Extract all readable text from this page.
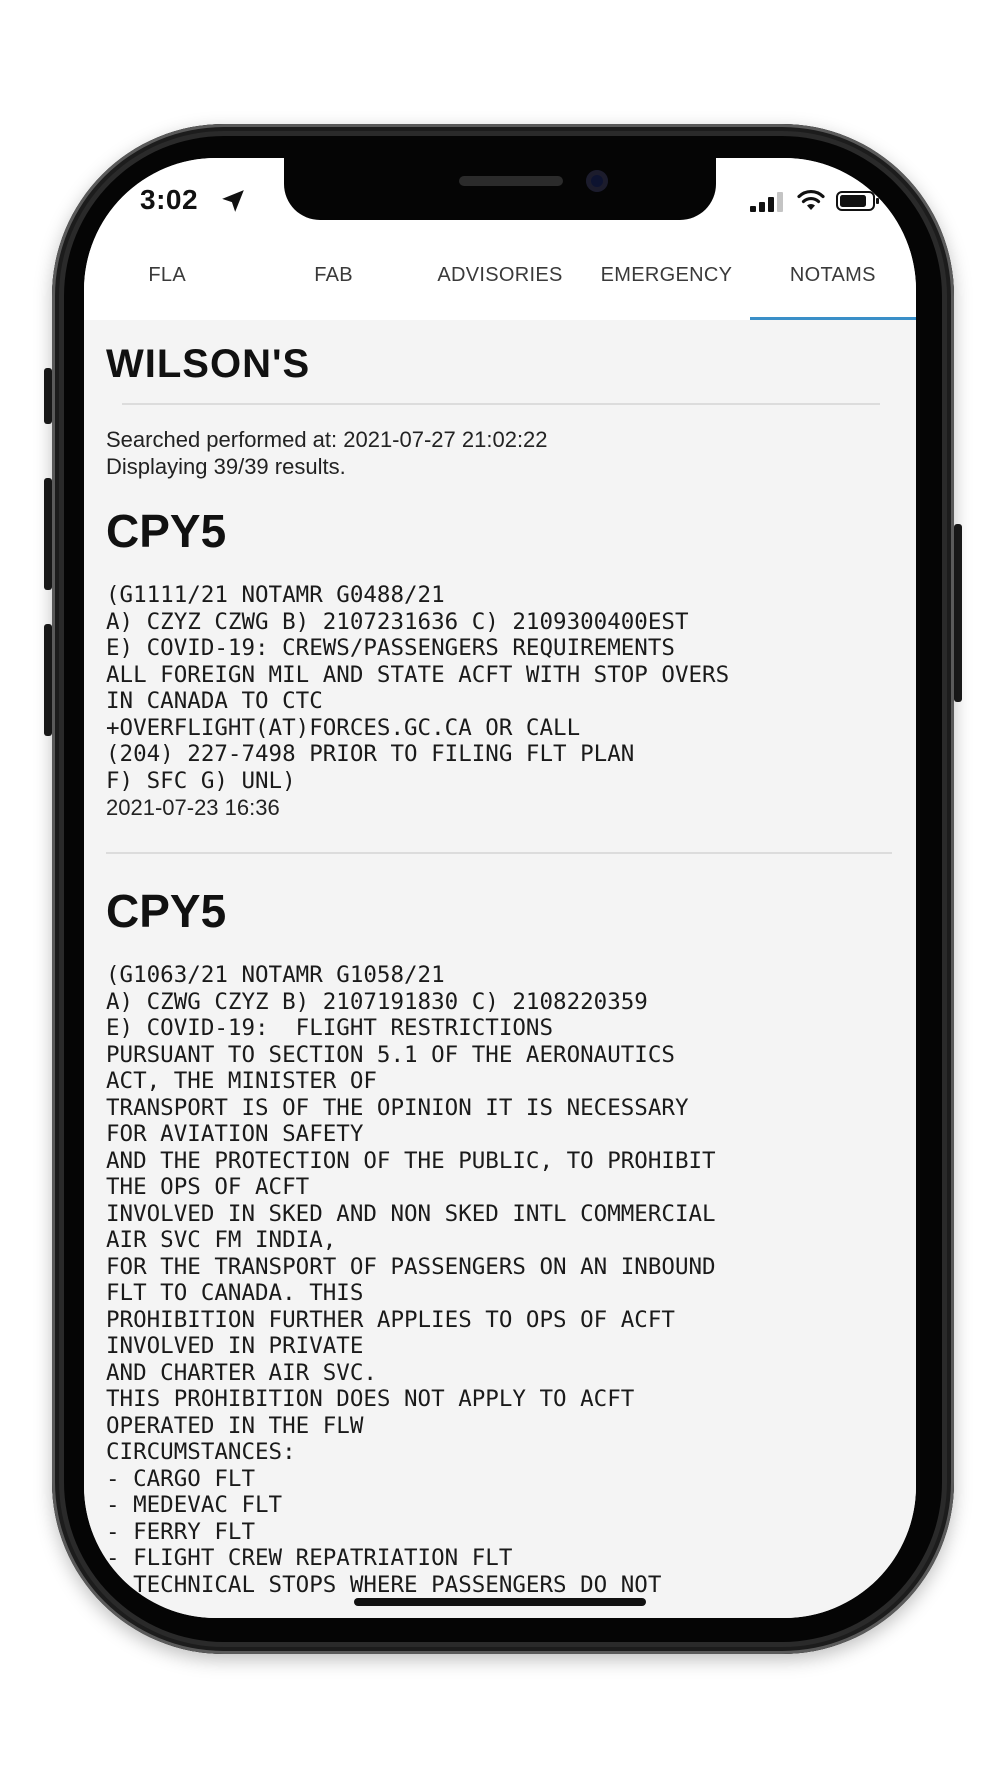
3:02
FLA	FAB	ADVISORIES	EMERGENCY	NOTAMS
WILSON'S
Searched performed at: 2021-07-27 21:02:22
Displaying 39/39 results.
CPY5
(G1111/21 NOTAMR G0488/21
A) CZYZ CZWG B) 2107231636 C) 2109300400EST
E) COVID-19: CREWS/PASSENGERS REQUIREMENTS
ALL FOREIGN MIL AND STATE ACFT WITH STOP OVERS
IN CANADA TO CTC
+OVERFLIGHT(AT)FORCES.GC.CA OR CALL
(204) 227-7498 PRIOR TO FILING FLT PLAN
F) SFC G) UNL)
2021-07-23 16:36
CPY5
(G1063/21 NOTAMR G1058/21
A) CZWG CZYZ B) 2107191830 C) 2108220359
E) COVID-19:  FLIGHT RESTRICTIONS
PURSUANT TO SECTION 5.1 OF THE AERONAUTICS
ACT, THE MINISTER OF
TRANSPORT IS OF THE OPINION IT IS NECESSARY
FOR AVIATION SAFETY
AND THE PROTECTION OF THE PUBLIC, TO PROHIBIT
THE OPS OF ACFT
INVOLVED IN SKED AND NON SKED INTL COMMERCIAL
AIR SVC FM INDIA,
FOR THE TRANSPORT OF PASSENGERS ON AN INBOUND
FLT TO CANADA. THIS
PROHIBITION FURTHER APPLIES TO OPS OF ACFT
INVOLVED IN PRIVATE
AND CHARTER AIR SVC.
THIS PROHIBITION DOES NOT APPLY TO ACFT
OPERATED IN THE FLW
CIRCUMSTANCES:
- CARGO FLT
- MEDEVAC FLT
- FERRY FLT
- FLIGHT CREW REPATRIATION FLT
- TECHNICAL STOPS WHERE PASSENGERS DO NOT
